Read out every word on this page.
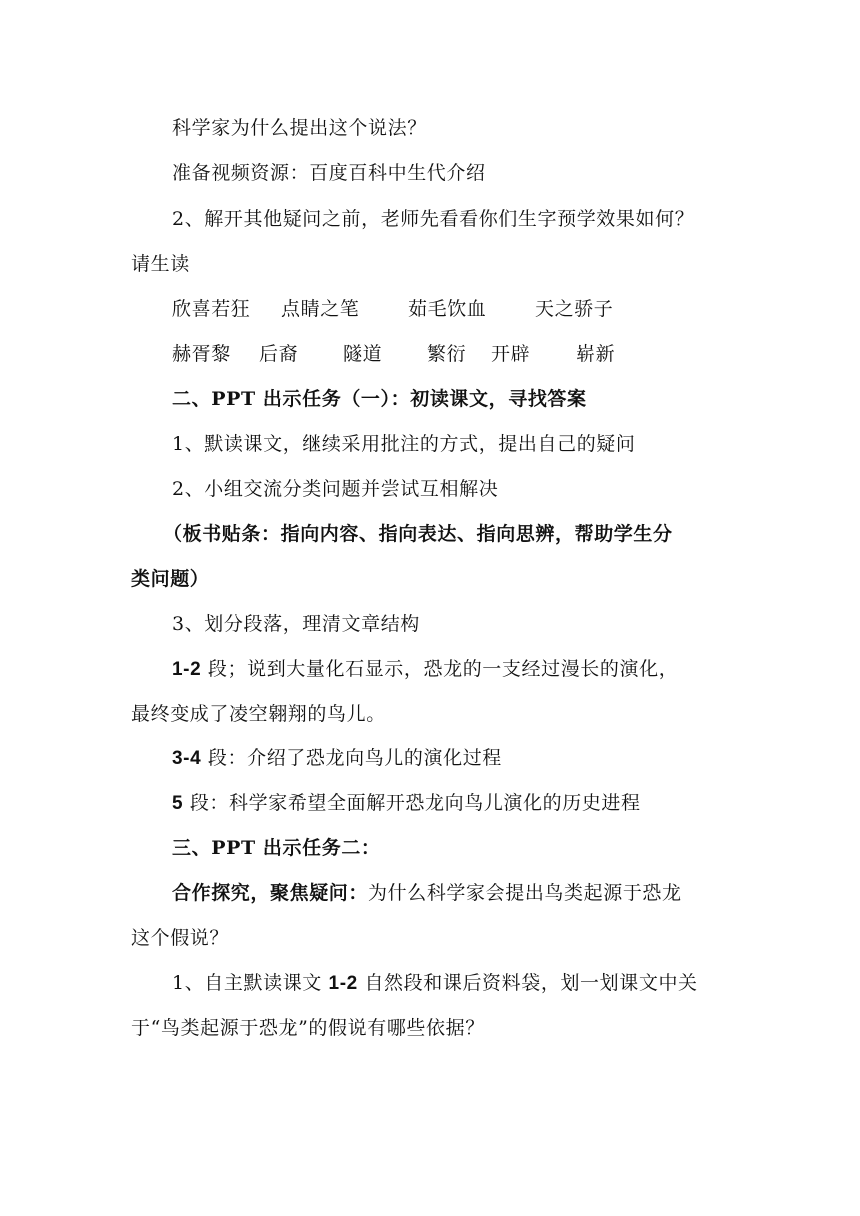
科学家为什么提出这个说法？
准备视频资源：百度百科中生代介绍
2、解开其他疑问之前，老师先看看你们生字预学效果如何？
请生读
欣喜若狂 点睛之笔	茹毛饮血	天之骄子
赫胥黎 后裔 隧道 繁衍 开辟 崭新
二、PPT 出示任务（一）：初读课文，寻找答案
1、默读课文，继续采用批注的方式，提出自己的疑问
2、小组交流分类问题并尝试互相解决
（板书贴条：指向内容、指向表达、指向思辨，帮助学生分
类问题）
3、划分段落，理清文章结构
1-2 段；说到大量化石显示，恐龙的一支经过漫长的演化，
最终变成了凌空翱翔的鸟儿。
3-4 段：介绍了恐龙向鸟儿的演化过程
5 段：科学家希望全面解开恐龙向鸟儿演化的历史进程
三、PPT 出示任务二：
合作探究，聚焦疑问：为什么科学家会提出鸟类起源于恐龙
这个假说？
1、自主默读课文 1-2 自然段和课后资料袋，划一划课文中关
于“鸟类起源于恐龙”的假说有哪些依据？
